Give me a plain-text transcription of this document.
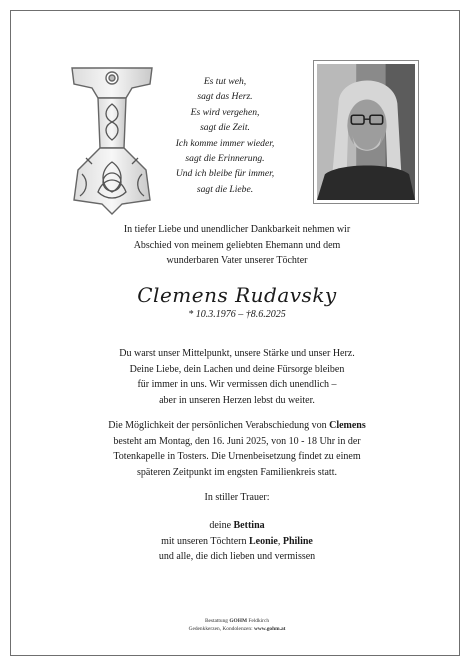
Es tut weh,
sagt das Herz.
Es wird vergehen,
sagt die Zeit.
Ich komme immer wieder,
sagt die Erinnerung.
Und ich bleibe für immer,
sagt die Liebe.
In tiefer Liebe und unendlicher Dankbarkeit nehmen wir
Abschied von meinem geliebten Ehemann und dem
wunderbaren Vater unserer Töchter
Clemens Rudavsky
* 10.3.1976 – †8.6.2025
Du warst unser Mittelpunkt, unsere Stärke und unser Herz.
Deine Liebe, dein Lachen und deine Fürsorge bleiben
für immer in uns. Wir vermissen dich unendlich –
aber in unseren Herzen lebst du weiter.
Die Möglichkeit der persönlichen Verabschiedung von Clemens
besteht am Montag, den 16. Juni 2025, von 10 - 18 Uhr in der
Totenkapelle in Tosters. Die Urnenbeisetzung findet zu einem
späteren Zeitpunkt im engsten Familienkreis statt.
In stiller Trauer:
deine Bettina
mit unseren Töchtern Leonie, Philine
und alle, die dich lieben und vermissen
Bestattung GOHM Feldkirch
Gedenkkerzen, Kondolenzen: www.gohm.at
